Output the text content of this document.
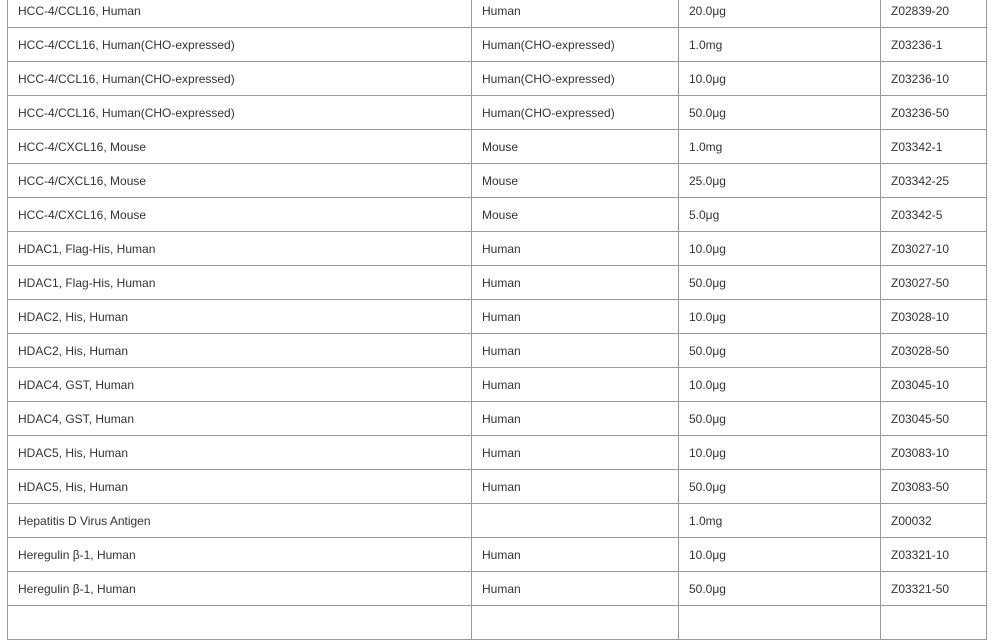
HCC-4/CCL16, Human	Human	20.0μg	Z02839-20
HCC-4/CCL16, Human(CHO-expressed)	Human(CHO-expressed)	1.0mg	Z03236-1
HCC-4/CCL16, Human(CHO-expressed)	Human(CHO-expressed)	10.0μg	Z03236-10
HCC-4/CCL16, Human(CHO-expressed)	Human(CHO-expressed)	50.0μg	Z03236-50
HCC-4/CXCL16, Mouse	Mouse	1.0mg	Z03342-1
HCC-4/CXCL16, Mouse	Mouse	25.0μg	Z03342-25
HCC-4/CXCL16, Mouse	Mouse	5.0μg	Z03342-5
HDAC1, Flag-His, Human	Human	10.0μg	Z03027-10
HDAC1, Flag-His, Human	Human	50.0μg	Z03027-50
HDAC2, His, Human	Human	10.0μg	Z03028-10
HDAC2, His, Human	Human	50.0μg	Z03028-50
HDAC4, GST, Human	Human	10.0μg	Z03045-10
HDAC4, GST, Human	Human	50.0μg	Z03045-50
HDAC5, His, Human	Human	10.0μg	Z03083-10
HDAC5, His, Human	Human	50.0μg	Z03083-50
Hepatitis D Virus Antigen		1.0mg	Z00032
Heregulin β-1, Human	Human	10.0μg	Z03321-10
Heregulin β-1, Human	Human	50.0μg	Z03321-50
